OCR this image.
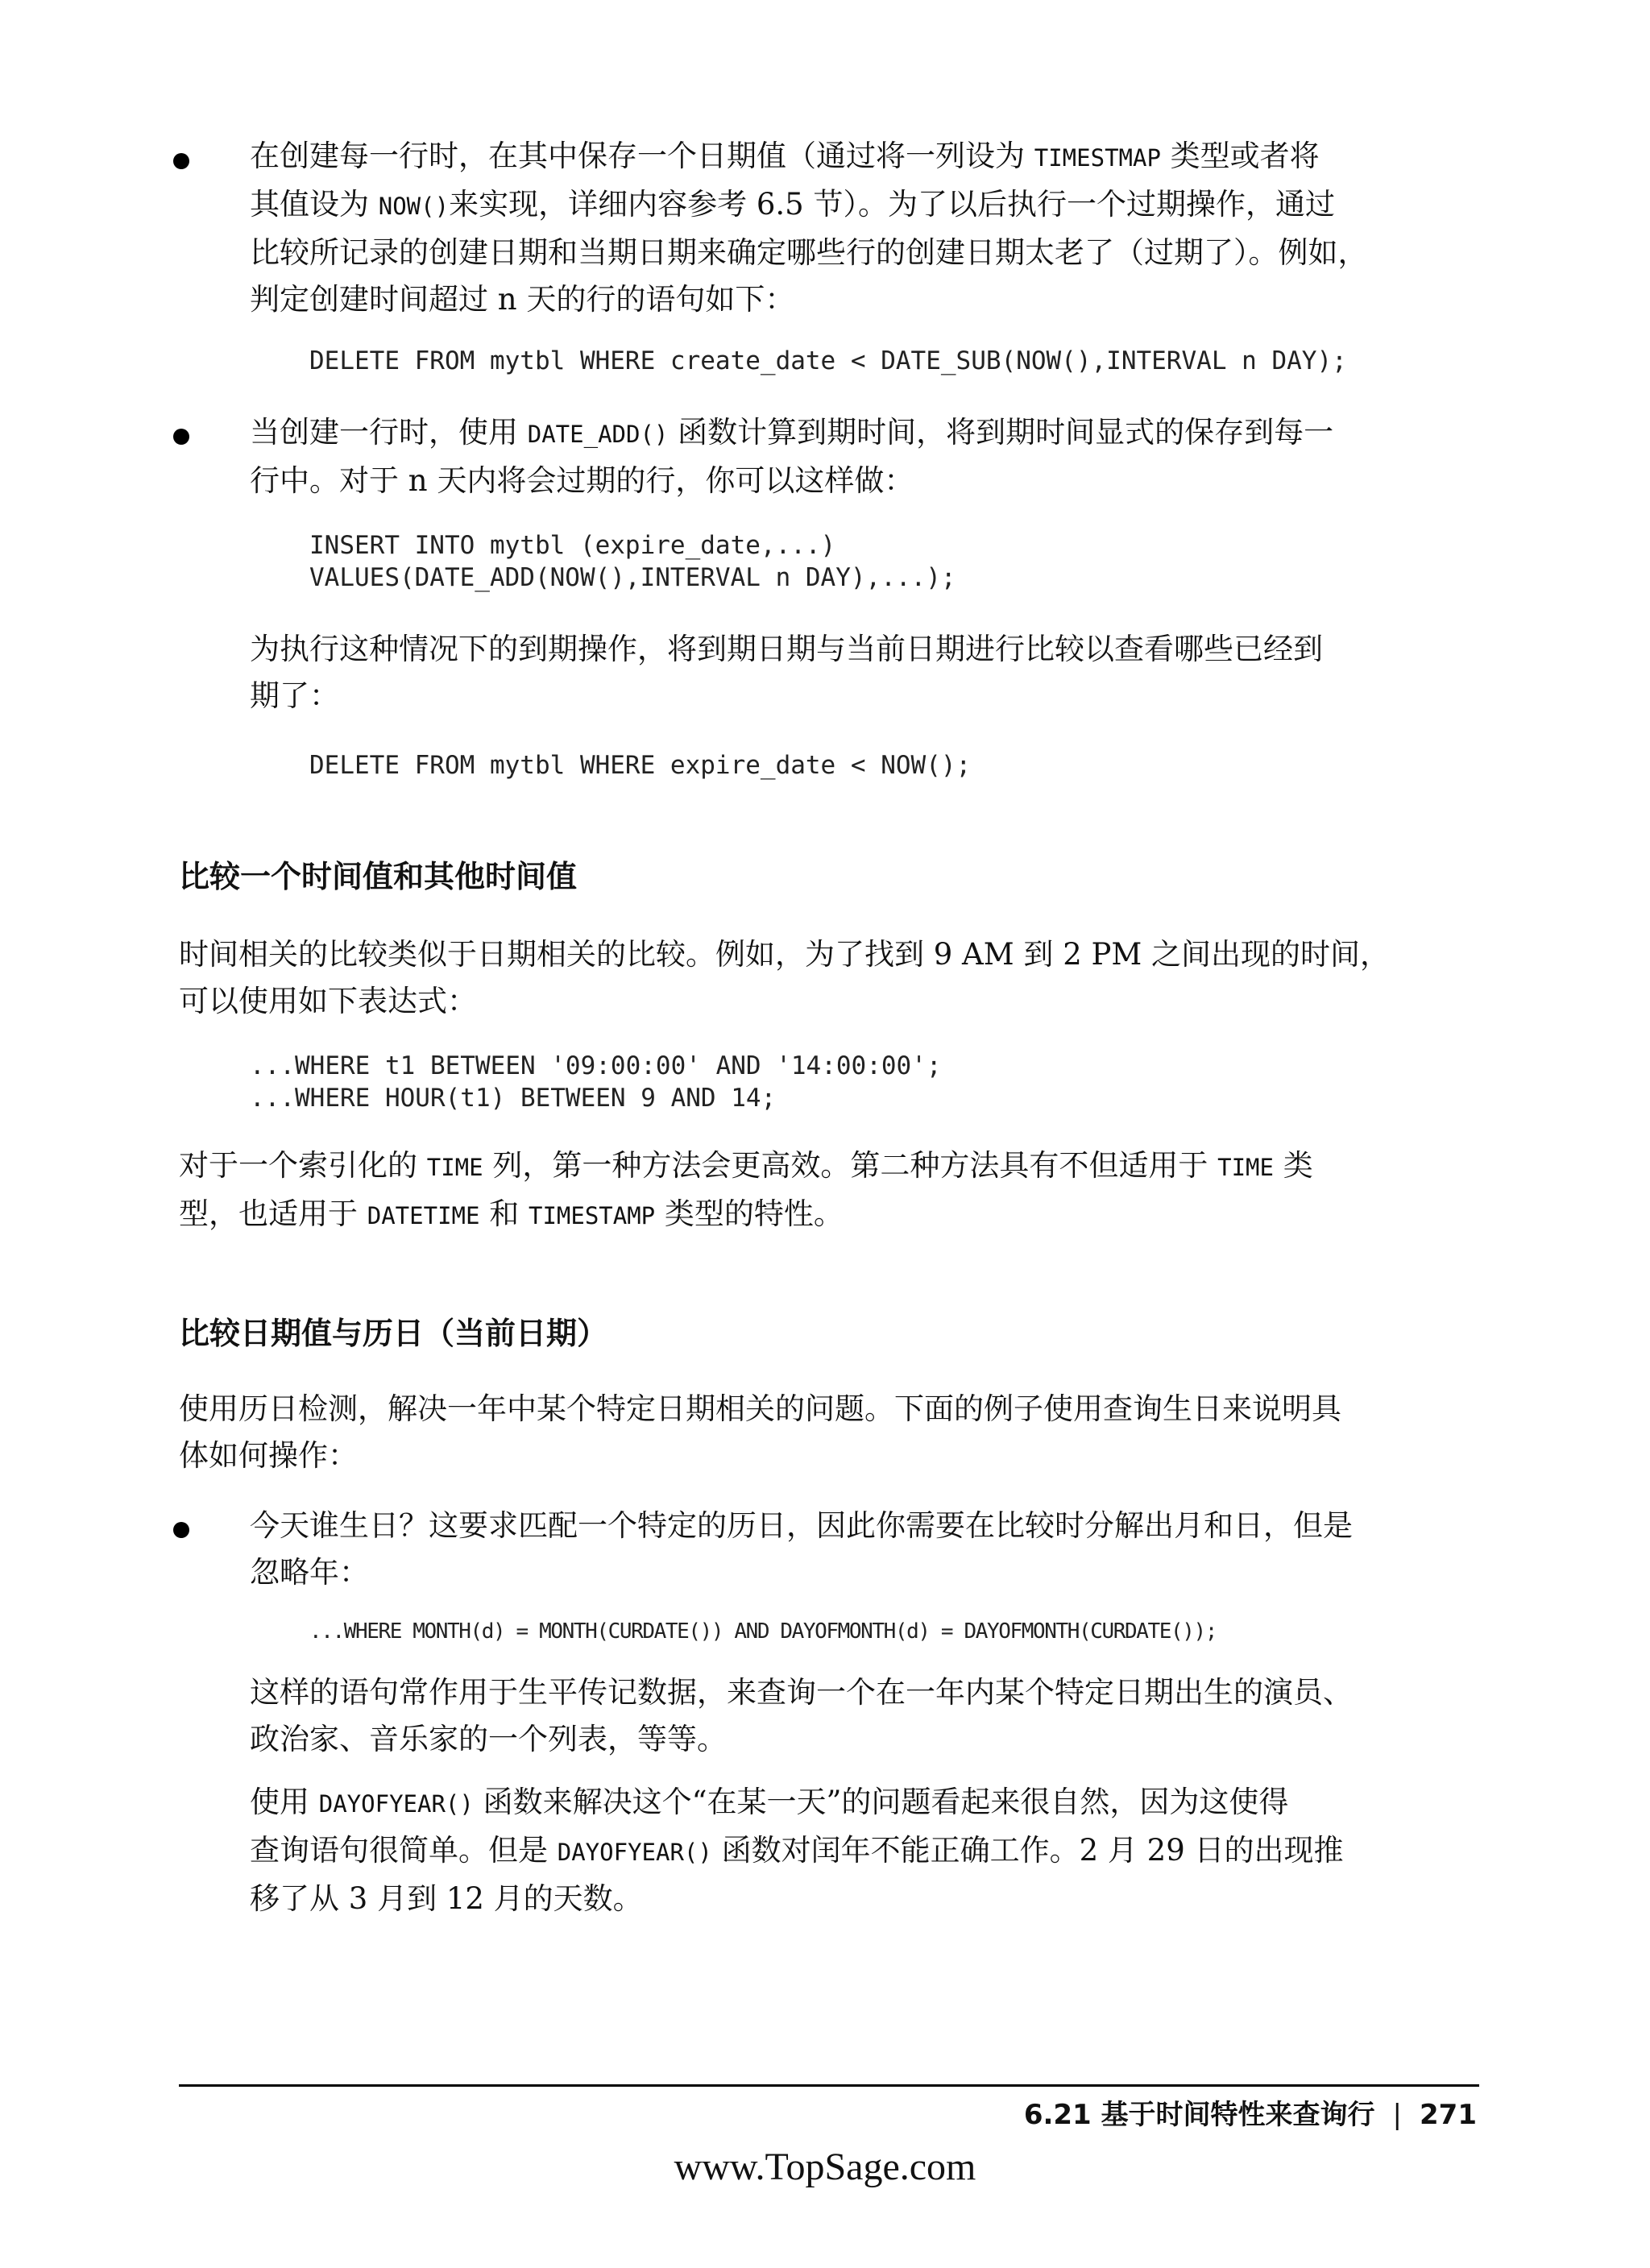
在创建每一行时，在其中保存一个日期值（通过将一列设为 TIMESTMAP 类型或者将
其值设为 NOW()来实现，详细内容参考 6.5 节）。为了以后执行一个过期操作，通过
比较所记录的创建日期和当期日期来确定哪些行的创建日期太老了（过期了）。例如，
判定创建时间超过 n 天的行的语句如下：

DELETE FROM mytbl WHERE create_date < DATE_SUB(NOW(),INTERVAL n DAY);

当创建一行时，使用 DATE_ADD() 函数计算到期时间，将到期时间显式的保存到每一
行中。对于 n 天内将会过期的行，你可以这样做：

INSERT INTO mytbl (expire_date,...)
VALUES(DATE_ADD(NOW(),INTERVAL n DAY),...);

为执行这种情况下的到期操作，将到期日期与当前日期进行比较以查看哪些已经到
期了：

DELETE FROM mytbl WHERE expire_date < NOW();
比较一个时间值和其他时间值

时间相关的比较类似于日期相关的比较。例如，为了找到 9 AM 到 2 PM 之间出现的时间，
可以使用如下表达式：

...WHERE t1 BETWEEN '09:00:00' AND '14:00:00';
...WHERE HOUR(t1) BETWEEN 9 AND 14;

对于一个索引化的 TIME 列，第一种方法会更高效。第二种方法具有不但适用于 TIME 类
型，也适用于 DATETIME 和 TIMESTAMP 类型的特性。

比较日期值与历日（当前日期）

使用历日检测，解决一年中某个特定日期相关的问题。下面的例子使用查询生日来说明具
体如何操作：

今天谁生日？这要求匹配一个特定的历日，因此你需要在比较时分解出月和日，但是
忽略年：

...WHERE MONTH(d) = MONTH(CURDATE()) AND DAYOFMONTH(d) = DAYOFMONTH(CURDATE());

这样的语句常作用于生平传记数据，来查询一个在一年内某个特定日期出生的演员、
政治家、音乐家的一个列表，等等。

使用 DAYOFYEAR() 函数来解决这个“在某一天”的问题看起来很自然，因为这使得
查询语句很简单。但是 DAYOFYEAR() 函数对闰年不能正确工作。2 月 29 日的出现推
移了从 3 月到 12 月的天数。

6.21 基于时间特性来查询行 | 271

www.TopSage.com
